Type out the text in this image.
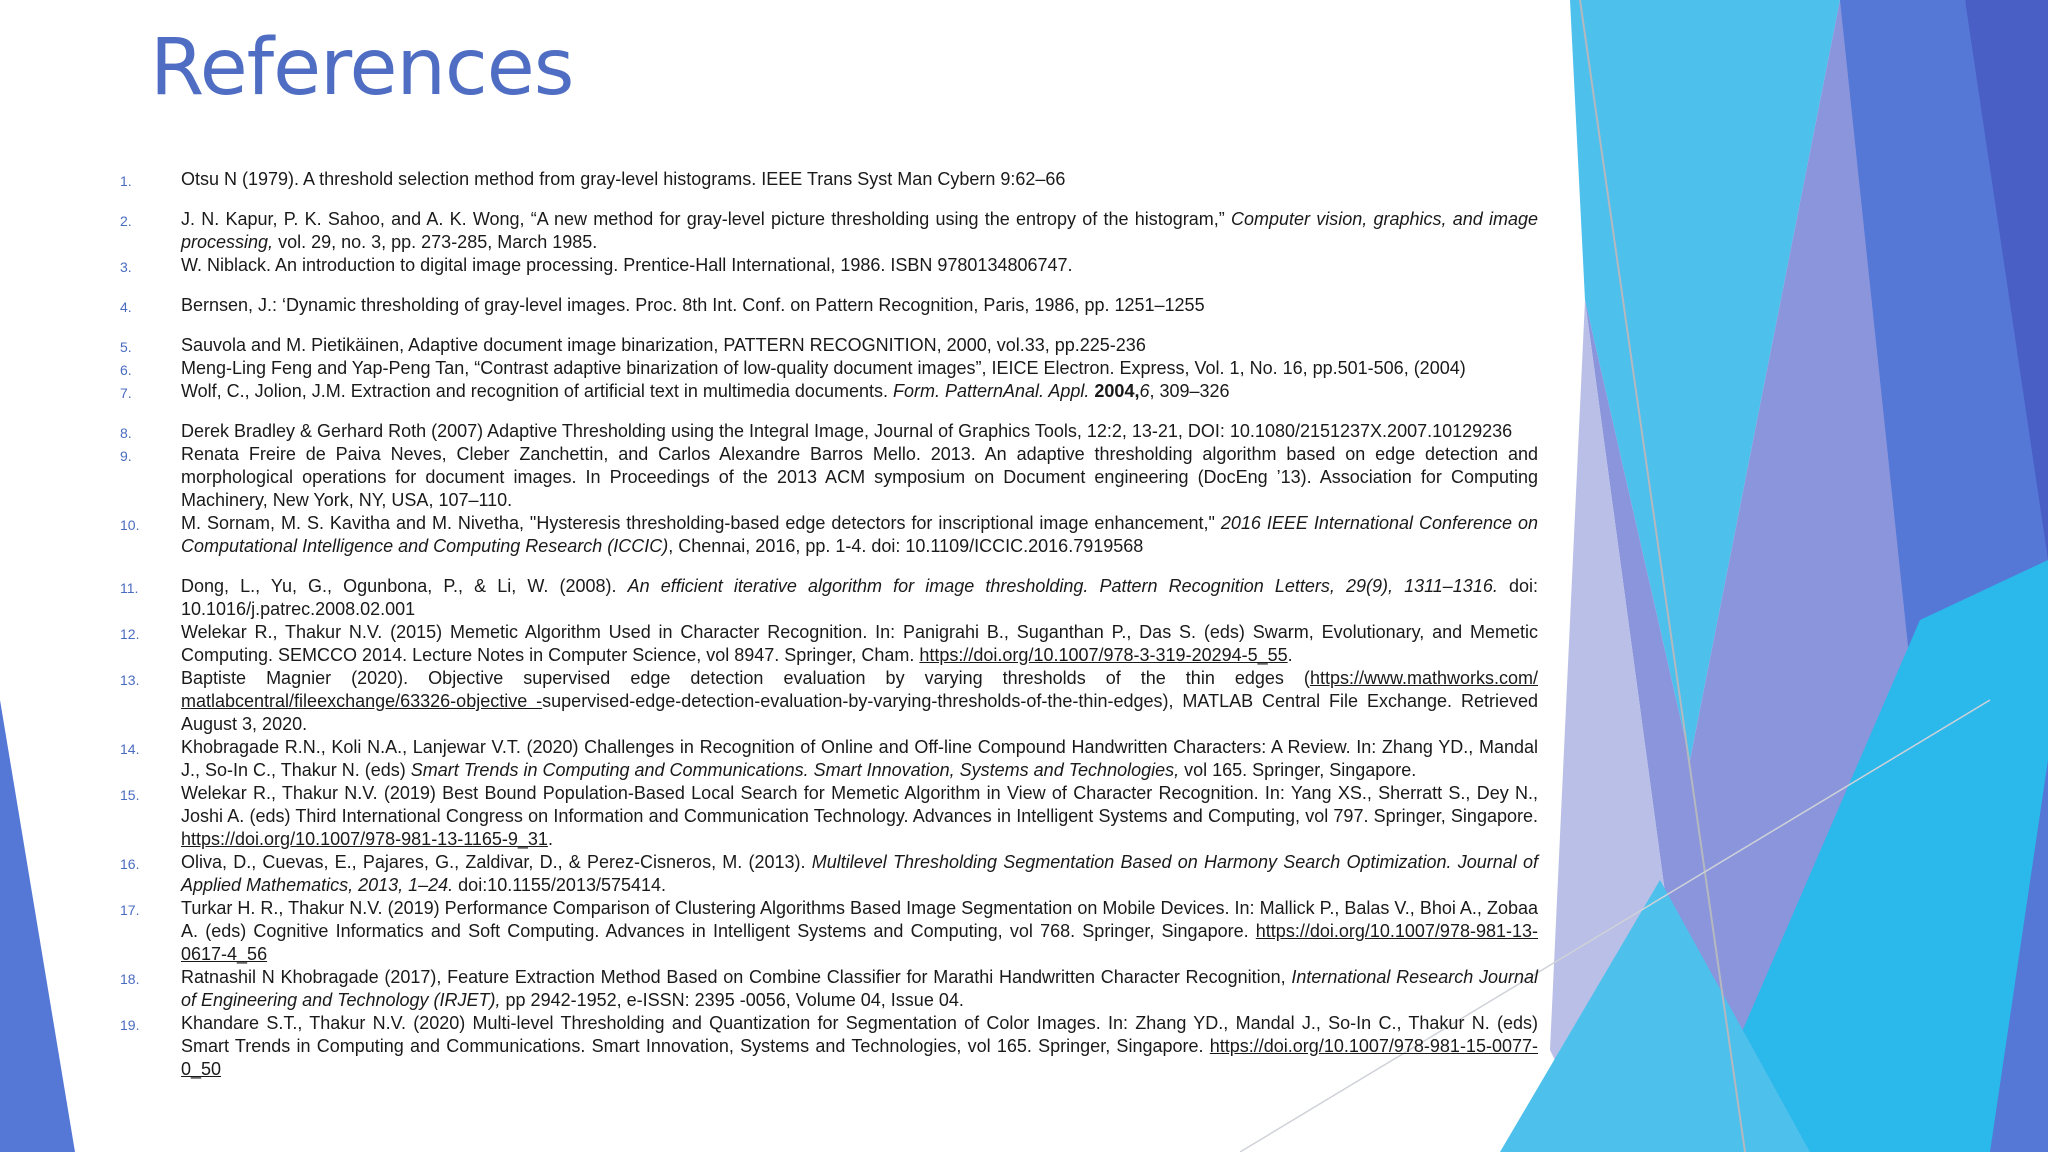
References
1.	Otsu N (1979). A threshold selection method from gray-level histograms. IEEE Trans Syst Man Cybern 9:62–66
2.	J. N. Kapur, P. K. Sahoo, and A. K. Wong, “A new method for gray-level picture thresholding using the entropy of the histogram,” Computer vision, graphics, and image processing, vol. 29, no. 3, pp. 273-285, March 1985.
3.	W. Niblack. An introduction to digital image processing. Prentice-Hall International, 1986. ISBN 9780134806747.
4.	Bernsen, J.: ‘Dynamic thresholding of gray-level images. Proc. 8th Int. Conf. on Pattern Recognition, Paris, 1986, pp. 1251–1255
5.	Sauvola and M. Pietikäinen, Adaptive document image binarization, PATTERN RECOGNITION, 2000, vol.33, pp.225-236
6.	Meng-Ling Feng and Yap-Peng Tan, “Contrast adaptive binarization of low-quality document images”, IEICE Electron. Express, Vol. 1, No. 16, pp.501-506, (2004)
7.	Wolf, C., Jolion, J.M. Extraction and recognition of artificial text in multimedia documents. Form. PatternAnal. Appl. 2004,6, 309–326
8.	Derek Bradley & Gerhard Roth (2007) Adaptive Thresholding using the Integral Image, Journal of Graphics Tools, 12:2, 13-21, DOI: 10.1080/2151237X.2007.10129236
9.	Renata Freire de Paiva Neves, Cleber Zanchettin, and Carlos Alexandre Barros Mello. 2013. An adaptive thresholding algorithm based on edge detection and morphological operations for document images. In Proceedings of the 2013 ACM symposium on Document engineering (DocEng ’13). Association for Computing Machinery, New York, NY, USA, 107–110.
10. M. Sornam, M. S. Kavitha and M. Nivetha, "Hysteresis thresholding-based edge detectors for inscriptional image enhancement," 2016 IEEE International Conference on Computational Intelligence and Computing Research (ICCIC), Chennai, 2016, pp. 1-4. doi: 10.1109/ICCIC.2016.7919568
11. Dong, L., Yu, G., Ogunbona, P., & Li, W. (2008). An efficient iterative algorithm for image thresholding. Pattern Recognition Letters, 29(9), 1311–1316. doi: 10.1016/j.patrec.2008.02.001
12. Welekar R., Thakur N.V. (2015) Memetic Algorithm Used in Character Recognition. In: Panigrahi B., Suganthan P., Das S. (eds) Swarm, Evolutionary, and Memetic Computing. SEMCCO 2014. Lecture Notes in Computer Science, vol 8947. Springer, Cham. https://doi.org/10.1007/978-3-319-20294-5_55.
13. Baptiste Magnier (2020). Objective supervised edge detection evaluation by varying thresholds of the thin edges (https://www.mathworks.com/ matlabcentral/fileexchange/63326-objective -supervised-edge-detection-evaluation-by-varying-thresholds-of-the-thin-edges), MATLAB Central File Exchange. Retrieved August 3, 2020.
14. Khobragade R.N., Koli N.A., Lanjewar V.T. (2020) Challenges in Recognition of Online and Off-line Compound Handwritten Characters: A Review. In: Zhang YD., Mandal J., So-In C., Thakur N. (eds) Smart Trends in Computing and Communications. Smart Innovation, Systems and Technologies, vol 165. Springer, Singapore.
15. Welekar R., Thakur N.V. (2019) Best Bound Population-Based Local Search for Memetic Algorithm in View of Character Recognition. In: Yang XS., Sherratt S., Dey N., Joshi A. (eds) Third International Congress on Information and Communication Technology. Advances in Intelligent Systems and Computing, vol 797. Springer, Singapore. https://doi.org/10.1007/978-981-13-1165-9_31.
16. Oliva, D., Cuevas, E., Pajares, G., Zaldivar, D., & Perez-Cisneros, M. (2013). Multilevel Thresholding Segmentation Based on Harmony Search Optimization. Journal of Applied Mathematics, 2013, 1–24. doi:10.1155/2013/575414.
17. Turkar H. R., Thakur N.V. (2019) Performance Comparison of Clustering Algorithms Based Image Segmentation on Mobile Devices. In: Mallick P., Balas V., Bhoi A., Zobaa A. (eds) Cognitive Informatics and Soft Computing. Advances in Intelligent Systems and Computing, vol 768. Springer, Singapore. https://doi.org/10.1007/978-981-13-0617-4_56
18. Ratnashil N Khobragade (2017), Feature Extraction Method Based on Combine Classifier for Marathi Handwritten Character Recognition, International Research Journal of Engineering and Technology (IRJET), pp 2942-1952, e-ISSN: 2395 -0056, Volume 04, Issue 04.
19. Khandare S.T., Thakur N.V. (2020) Multi-level Thresholding and Quantization for Segmentation of Color Images. In: Zhang YD., Mandal J., So-In C., Thakur N. (eds) Smart Trends in Computing and Communications. Smart Innovation, Systems and Technologies, vol 165. Springer, Singapore. https://doi.org/10.1007/978-981-15-0077-0_50
